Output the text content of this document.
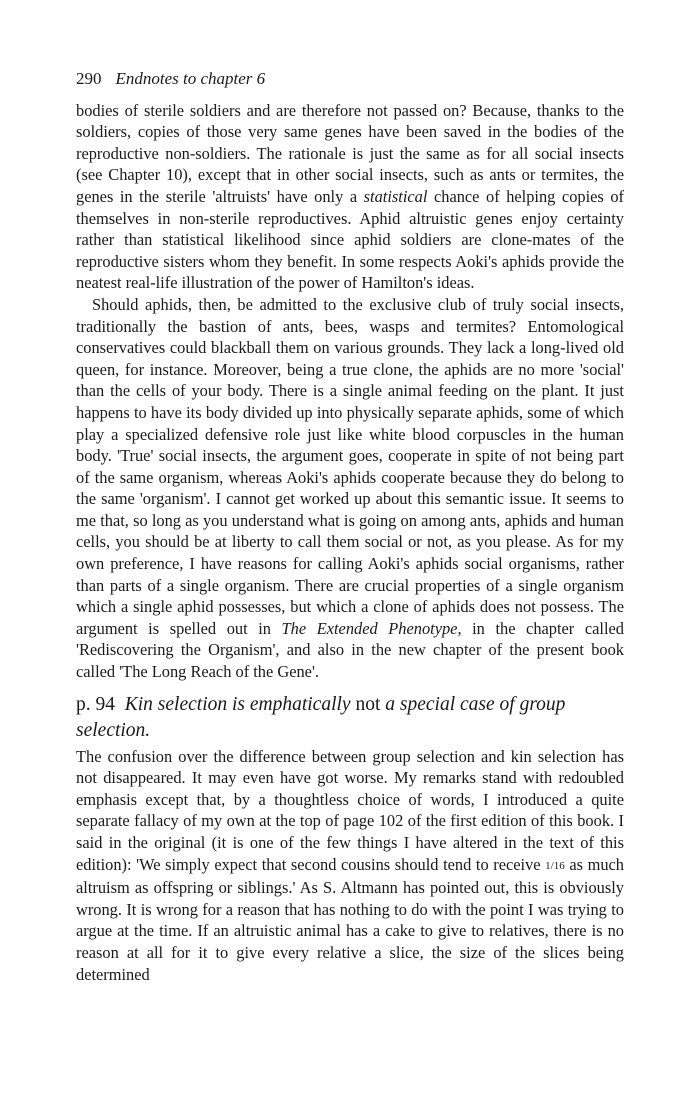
290 Endnotes to chapter 6

bodies of sterile soldiers and are therefore not passed on? Because, thanks to the soldiers, copies of those very same genes have been saved in the bodies of the reproductive non-soldiers. The rationale is just the same as for all social insects (see Chapter 10), except that in other social insects, such as ants or termites, the genes in the sterile 'altruists' have only a statistical chance of helping copies of themselves in non-sterile reproductives. Aphid altruistic genes enjoy certainty rather than statistical likelihood since aphid soldiers are clone-mates of the reproductive sisters whom they benefit. In some respects Aoki's aphids provide the neatest real-life illustration of the power of Hamilton's ideas.

Should aphids, then, be admitted to the exclusive club of truly social insects, traditionally the bastion of ants, bees, wasps and termites? Entomological conservatives could blackball them on various grounds. They lack a long-lived old queen, for instance. Moreover, being a true clone, the aphids are no more 'social' than the cells of your body. There is a single animal feeding on the plant. It just happens to have its body divided up into physically separate aphids, some of which play a specialized defensive role just like white blood corpuscles in the human body. 'True' social insects, the argument goes, cooperate in spite of not being part of the same organism, whereas Aoki's aphids cooperate because they do belong to the same 'organism'. I cannot get worked up about this semantic issue. It seems to me that, so long as you understand what is going on among ants, aphids and human cells, you should be at liberty to call them social or not, as you please. As for my own preference, I have reasons for calling Aoki's aphids social organisms, rather than parts of a single organism. There are crucial properties of a single organism which a single aphid possesses, but which a clone of aphids does not possess. The argument is spelled out in The Extended Phenotype, in the chapter called 'Rediscovering the Organism', and also in the new chapter of the present book called 'The Long Reach of the Gene'.

p. 94 Kin selection is emphatically not a special case of group selection.

The confusion over the difference between group selection and kin selection has not disappeared. It may even have got worse. My remarks stand with redoubled emphasis except that, by a thoughtless choice of words, I introduced a quite separate fallacy of my own at the top of page 102 of the first edition of this book. I said in the original (it is one of the few things I have altered in the text of this edition): 'We simply expect that second cousins should tend to receive 1/16 as much altruism as offspring or siblings.' As S. Altmann has pointed out, this is obviously wrong. It is wrong for a reason that has nothing to do with the point I was trying to argue at the time. If an altruistic animal has a cake to give to relatives, there is no reason at all for it to give every relative a slice, the size of the slices being determined
